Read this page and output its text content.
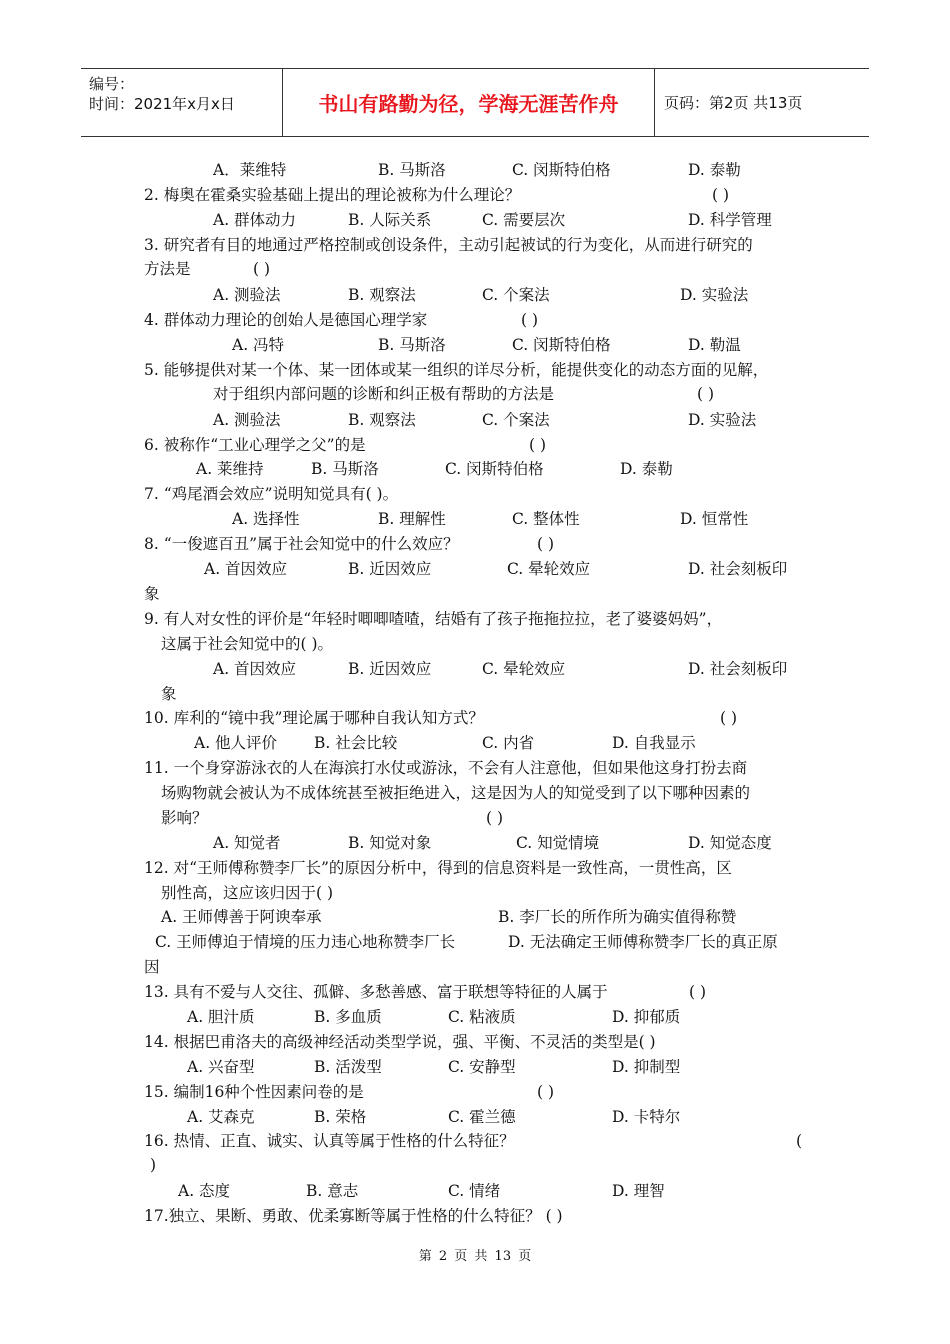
编号：
时间：2021年x月x日	书山有路勤为径，学海无涯苦作舟	页码：第2页 共13页
A．莱维特	B. 马斯洛	C. 闵斯特伯格	D. 泰勒
2. 梅奥在霍桑实验基础上提出的理论被称为什么理论？	( )
A. 群体动力	B. 人际关系	C. 需要层次	D. 科学管理
3. 研究者有目的地通过严格控制或创设条件，主动引起被试的行为变化，从而进行研究的
方法是	( )
A. 测验法	B. 观察法	C. 个案法	D. 实验法
4. 群体动力理论的创始人是德国心理学家	( )
A. 冯特	B. 马斯洛	C. 闵斯特伯格	D. 勒温
5. 能够提供对某一个体、某一团体或某一组织的详尽分析，能提供变化的动态方面的见解，
对于组织内部问题的诊断和纠正极有帮助的方法是	( )
A. 测验法	B. 观察法	C. 个案法	D. 实验法
6. 被称作“工业心理学之父”的是	( )
A. 莱维持	B. 马斯洛	C. 闵斯特伯格	D. 泰勒
7. “鸡尾酒会效应”说明知觉具有( )。
A. 选择性	B. 理解性	C. 整体性	D. 恒常性
8. “一俊遮百丑”属于社会知觉中的什么效应？	( )
A. 首因效应	B. 近因效应	C. 晕轮效应	D. 社会刻板印
象
9. 有人对女性的评价是“年轻时唧唧喳喳，结婚有了孩子拖拖拉拉，老了婆婆妈妈”，
这属于社会知觉中的( )。
A. 首因效应	B. 近因效应	C. 晕轮效应	D. 社会刻板印
象
10. 库利的“镜中我”理论属于哪种自我认知方式？	( )
A. 他人评价 B. 社会比较	C. 内省	D. 自我显示
11. 一个身穿游泳衣的人在海滨打水仗或游泳，不会有人注意他，但如果他这身打扮去商
场购物就会被认为不成体统甚至被拒绝进入，这是因为人的知觉受到了以下哪种因素的
影响？	( )
A. 知觉者	B. 知觉对象	C. 知觉情境	D. 知觉态度
12. 对“王师傅称赞李厂长”的原因分析中，得到的信息资料是一致性高，一贯性高，区
别性高，这应该归因于( )
A. 王师傅善于阿谀奉承	B. 李厂长的所作所为确实值得称赞
C. 王师傅迫于情境的压力违心地称赞李厂长	D. 无法确定王师傅称赞李厂长的真正原
因
13. 具有不爱与人交往、孤僻、多愁善感、富于联想等特征的人属于	( )
A. 胆汁质	B. 多血质	C. 粘液质	D. 抑郁质
14. 根据巴甫洛夫的高级神经活动类型学说，强、平衡、不灵活的类型是( )
A. 兴奋型	B. 活泼型	C. 安静型	D. 抑制型
15. 编制16种个性因素问卷的是	( )
A. 艾森克	B. 荣格	C. 霍兰德	D. 卡特尔
16. 热情、正直、诚实、认真等属于性格的什么特征？	(
)
A. 态度	B. 意志	C. 情绪	D. 理智
17.独立、果断、勇敢、优柔寡断等属于性格的什么特征？ ( )
第 2 页 共 13 页
